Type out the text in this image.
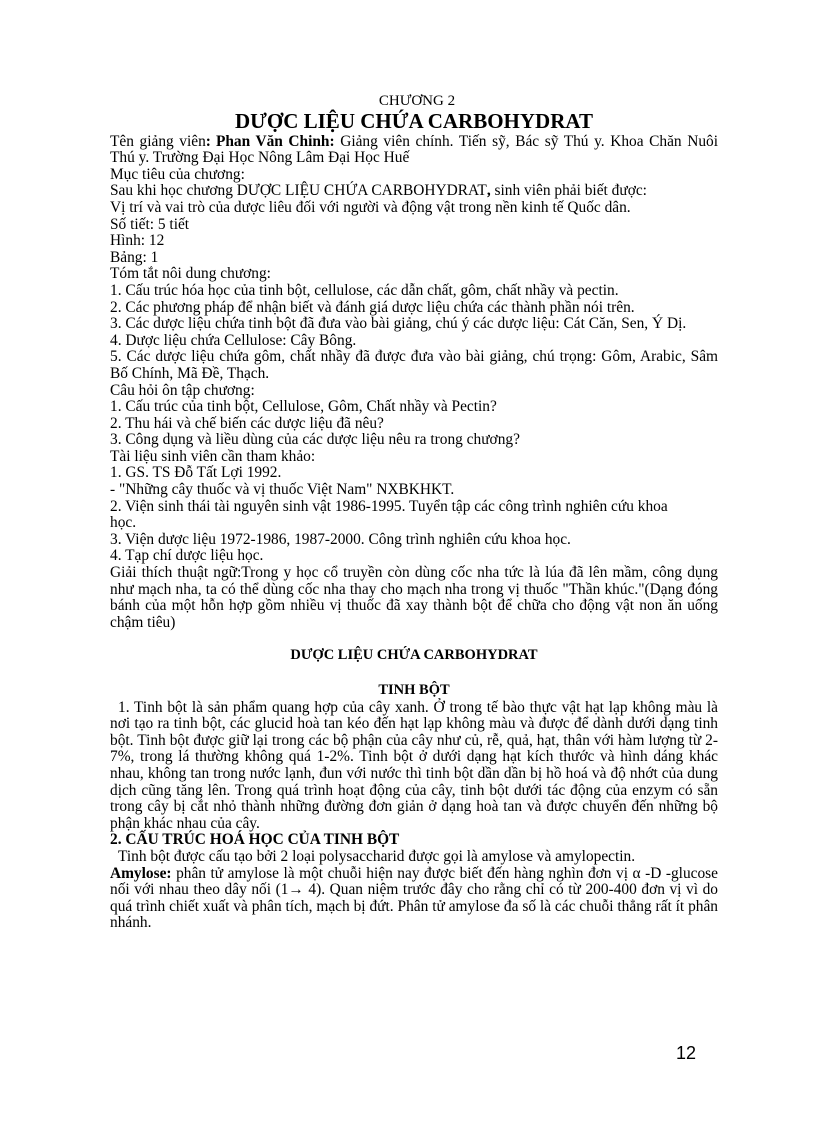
CHƯƠNG 2

DƯỢC LIỆU CHỨA CARBOHYDRAT

Tên giảng viên: Phan Văn Chinh: Giảng viên chính. Tiến sỹ, Bác sỹ Thú y. Khoa Chăn Nuôi Thú y. Trường Đại Học Nông Lâm Đại Học Huế

Mục tiêu của chương:

Sau khi học chương DƯỢC LIỆU CHỨA CARBOHYDRAT, sinh viên phải biết được:

Vị trí và vai trò của dược liêu đối với người và động vật trong nền kinh tế Quốc dân.

Số tiết: 5 tiết

Hình: 12

Bảng: 1

Tóm tắt nôi dung chương:

1. Cấu trúc hóa học của tinh bột, cellulose, các dẫn chất, gôm, chất nhầy và pectin.

2. Các phương pháp để nhận biết và đánh giá dược liệu chứa các thành phần nói trên.

3. Các dược liệu chứa tinh bột đã đưa vào bài giảng, chú ý các dược liệu: Cát Căn, Sen, Ý Dị.

4. Dược liệu chứa Cellulose: Cây Bông.

5. Các dược liệu chứa gôm, chất nhầy đã được đưa vào bài giảng, chú trọng: Gôm, Arabic, Sâm Bố Chính, Mã Đề, Thạch.

Câu hỏi ôn tập chương:

1. Cấu trúc của tinh bột, Cellulose, Gôm, Chất nhầy và Pectin?

2. Thu hái và chế biến các dược liệu đã nêu?

3. Công dụng và liều dùng của các dược liệu nêu ra trong chương?

Tài liệu sinh viên cần tham khảo:

1. GS. TS Đỗ Tất Lợi 1992.

- "Những cây thuốc và vị thuốc Việt Nam" NXBKHKT.

2. Viện sinh thái tài nguyên sinh vật 1986-1995. Tuyển tập các công trình nghiên cứu khoa học.

3. Viện dược liệu 1972-1986, 1987-2000. Công trình nghiên cứu khoa học.

4. Tạp chí dược liệu học.

Giải thích thuật ngữ:Trong y học cổ truyền còn dùng cốc nha tức là lúa đã lên mầm, công dụng như mạch nha, ta có thể dùng cốc nha thay cho mạch nha trong vị thuốc "Thần khúc."(Dạng đóng bánh của một hỗn hợp gồm nhiều vị thuốc đã xay thành bột để chữa cho động vật non ăn uống chậm tiêu)

DƯỢC LIỆU CHỨA CARBOHYDRAT

TINH BỘT

1. Tinh bột là sản phẩm quang hợp của cây xanh. Ở trong tế bào thực vật hạt lạp không màu là nơi tạo ra tinh bột, các glucid hoà tan kéo đến hạt lạp không màu và được để dành dưới dạng tinh bột. Tinh bột được giữ lại trong các bộ phận của cây như củ, rễ, quả, hạt, thân với hàm lượng từ 2-7%, trong lá thường không quá 1-2%. Tinh bột ở dưới dạng hạt kích thước và hình dáng khác nhau, không tan trong nước lạnh, đun với nước thì tinh bột dần dần bị hồ hoá và độ nhớt của dung dịch cũng tăng lên. Trong quá trình hoạt động của cây, tinh bột dưới tác động của enzym có sẵn trong cây bị cắt nhỏ thành những đường đơn giản ở dạng hoà tan và được chuyển đến những bộ phận khác nhau của cây.

2. CẤU TRÚC HOÁ HỌC CỦA TINH BỘT

Tinh bột được cấu tạo bởi 2 loại polysaccharid được gọi là amylose và amylopectin.

Amylose: phân tử amylose là một chuỗi hiện nay được biết đến hàng nghìn đơn vị α -D -glucose nối với nhau theo dây nối (1→ 4). Quan niệm trước đây cho rằng chỉ có từ 200-400 đơn vị vì do quá trình chiết xuất và phân tích, mạch bị đứt. Phân tử amylose đa số là các chuỗi thẳng rất ít phân nhánh.

12
